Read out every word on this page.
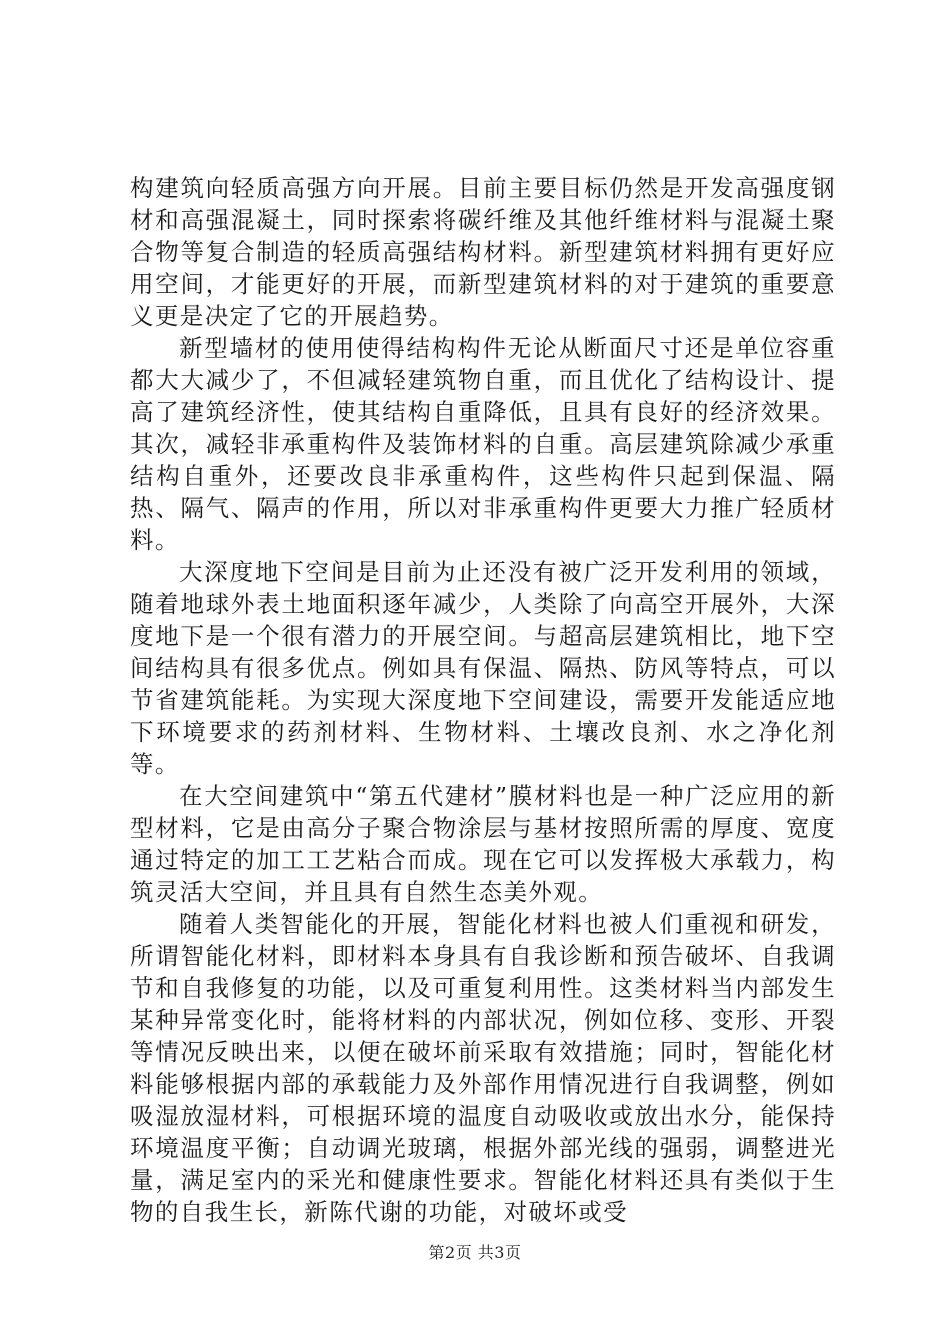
构建筑向轻质高强方向开展。目前主要目标仍然是开发高强度钢材和高强混凝土，同时探索将碳纤维及其他纤维材料与混凝土聚合物等复合制造的轻质高强结构材料。新型建筑材料拥有更好应用空间，才能更好的开展，而新型建筑材料的对于建筑的重要意义更是决定了它的开展趋势。

新型墙材的使用使得结构构件无论从断面尺寸还是单位容重都大大减少了，不但减轻建筑物自重，而且优化了结构设计、提高了建筑经济性，使其结构自重降低，且具有良好的经济效果。其次，减轻非承重构件及装饰材料的自重。高层建筑除减少承重结构自重外，还要改良非承重构件，这些构件只起到保温、隔热、隔气、隔声的作用，所以对非承重构件更要大力推广轻质材料。

大深度地下空间是目前为止还没有被广泛开发利用的领域，随着地球外表土地面积逐年减少，人类除了向高空开展外，大深度地下是一个很有潜力的开展空间。与超高层建筑相比，地下空间结构具有很多优点。例如具有保温、隔热、防风等特点，可以节省建筑能耗。为实现大深度地下空间建设，需要开发能适应地下环境要求的药剂材料、生物材料、土壤改良剂、水之净化剂等。

在大空间建筑中“第五代建材”膜材料也是一种广泛应用的新型材料，它是由高分子聚合物涂层与基材按照所需的厚度、宽度通过特定的加工工艺粘合而成。现在它可以发挥极大承载力，构筑灵活大空间，并且具有自然生态美外观。

随着人类智能化的开展，智能化材料也被人们重视和研发，所谓智能化材料，即材料本身具有自我诊断和预告破坏、自我调节和自我修复的功能，以及可重复利用性。这类材料当内部发生某种异常变化时，能将材料的内部状况，例如位移、变形、开裂等情况反映出来，以便在破坏前采取有效措施；同时，智能化材料能够根据内部的承载能力及外部作用情况进行自我调整，例如吸湿放湿材料，可根据环境的温度自动吸收或放出水分，能保持环境温度平衡；自动调光玻璃，根据外部光线的强弱，调整进光量，满足室内的采光和健康性要求。智能化材料还具有类似于生物的自我生长，新陈代谢的功能，对破坏或受

第2页 共3页
